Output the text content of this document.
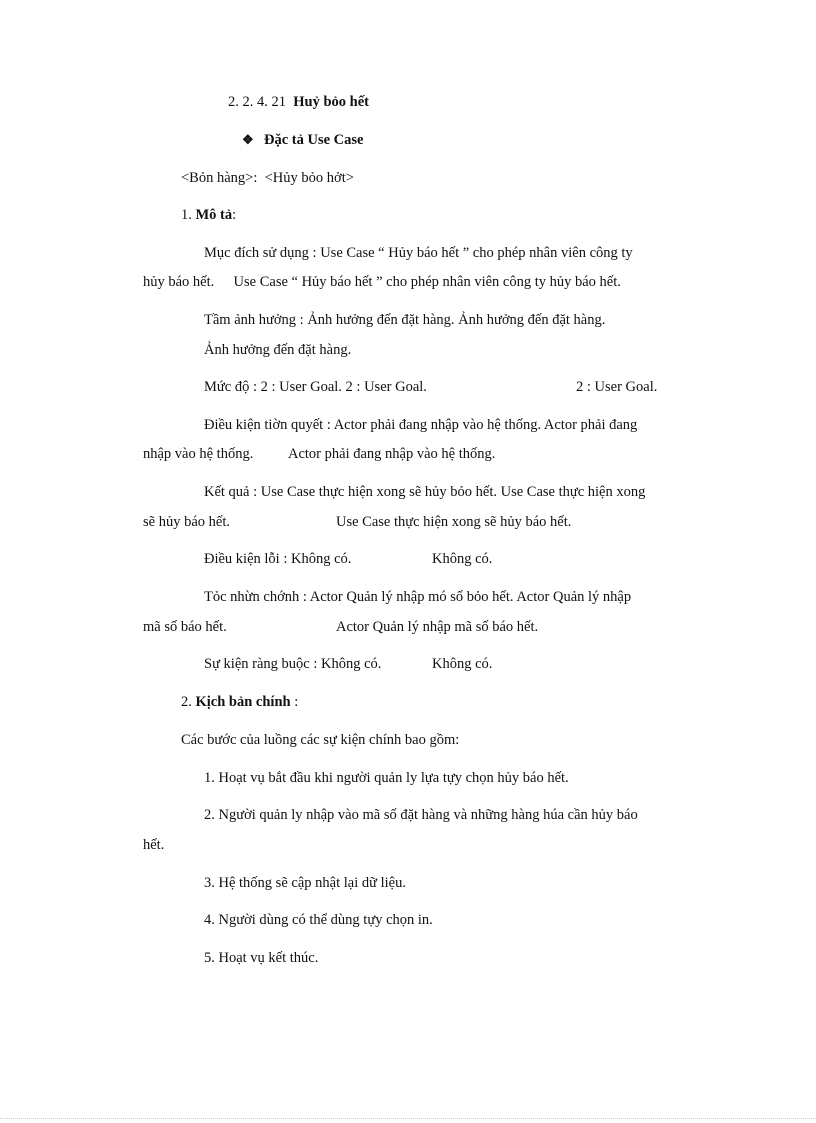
2. 2. 4. 21 Huỷ bỏo hết
❖ Đặc tả Use Case
<Bỏn hàng>: <Hủy bỏo hởt>
1. Mô tả:
Mục đích sử dụng : Use Case “ Hủy báo hết ” cho phép nhân viên công ty
hủy báo hết. Use Case “ Hủy báo hết ” cho phép nhân viên công ty hủy báo hết.
Tầm ảnh hưởng : Ảnh hưởng đến đặt hàng. Ảnh hưởng đến đặt hàng.
Ảnh hưởng đến đặt hàng.
Mức độ : 2 : User Goal. 2 : User Goal.	2 : User Goal.
Điều kiện tiờn quyết : Actor phải đang nhập vào hệ thống. Actor phải đang
nhập vào hệ thống. Actor phải đang nhập vào hệ thống.
Kết quả : Use Case thực hiện xong sẽ hủy bỏo hết. Use Case thực hiện xong
sẽ hủy báo hết.	Use Case thực hiện xong sẽ hủy báo hết.
Điều kiện lỗi : Không có.	Không có.
Tỏc nhừn chớnh : Actor Quản lý nhập mó số bỏo hết. Actor Quản lý nhập
mã số báo hết.	Actor Quản lý nhập mã số báo hết.
Sự kiện ràng buộc : Không có.	Không có.
2. Kịch bản chính :
Các bước của luồng các sự kiện chính bao gồm:
1. Hoạt vụ bắt đầu khi người quản ly lựa tựy chọn hủy báo hết.
2. Người quản ly nhập vào mã số đặt hàng và những hàng húa cần hủy báo
hết.
3. Hệ thống sẽ cập nhật lại dữ liệu.
4. Người dùng có thể dùng tựy chọn in.
5. Hoạt vụ kết thúc.
